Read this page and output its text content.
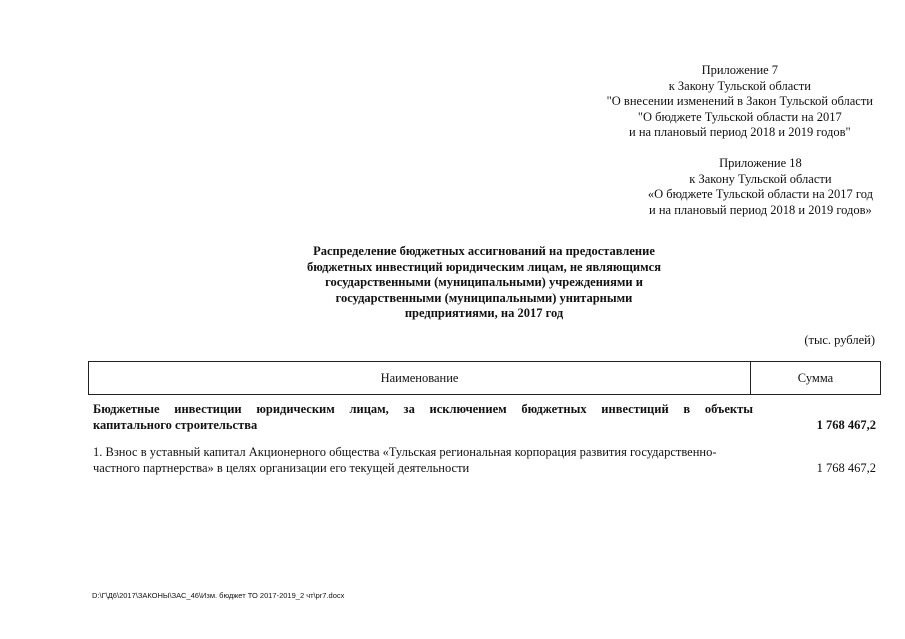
Приложение 7
к Закону Тульской области
"О внесении изменений в Закон Тульской области
"О бюджете Тульской области на 2017
и на плановый период 2018 и 2019 годов"
Приложение 18
к Закону Тульской области
«О бюджете Тульской области на 2017 год
и на плановый период 2018 и 2019 годов»
Распределение бюджетных ассигнований на предоставление
бюджетных инвестиций юридическим лицам, не являющимся
государственными (муниципальными) учреждениями и
государственными (муниципальными) унитарными
предприятиями, на 2017 год
(тыс. рублей)
Наименование	Сумма
Бюджетные инвестиции юридическим лицам, за исключением бюджетных инвестиций в объекты
капитального строительства	1 768 467,2
1. Взнос в уставный капитал Акционерного общества «Тульская региональная корпорация развития государственно-
частного партнерства» в целях организации его текущей деятельности	1 768 467,2
D:\Г\Д6\2017\ЗАКОНЫ\ЗАС_46\Изм. бюджет ТО 2017-2019_2 чт\pr7.docx
